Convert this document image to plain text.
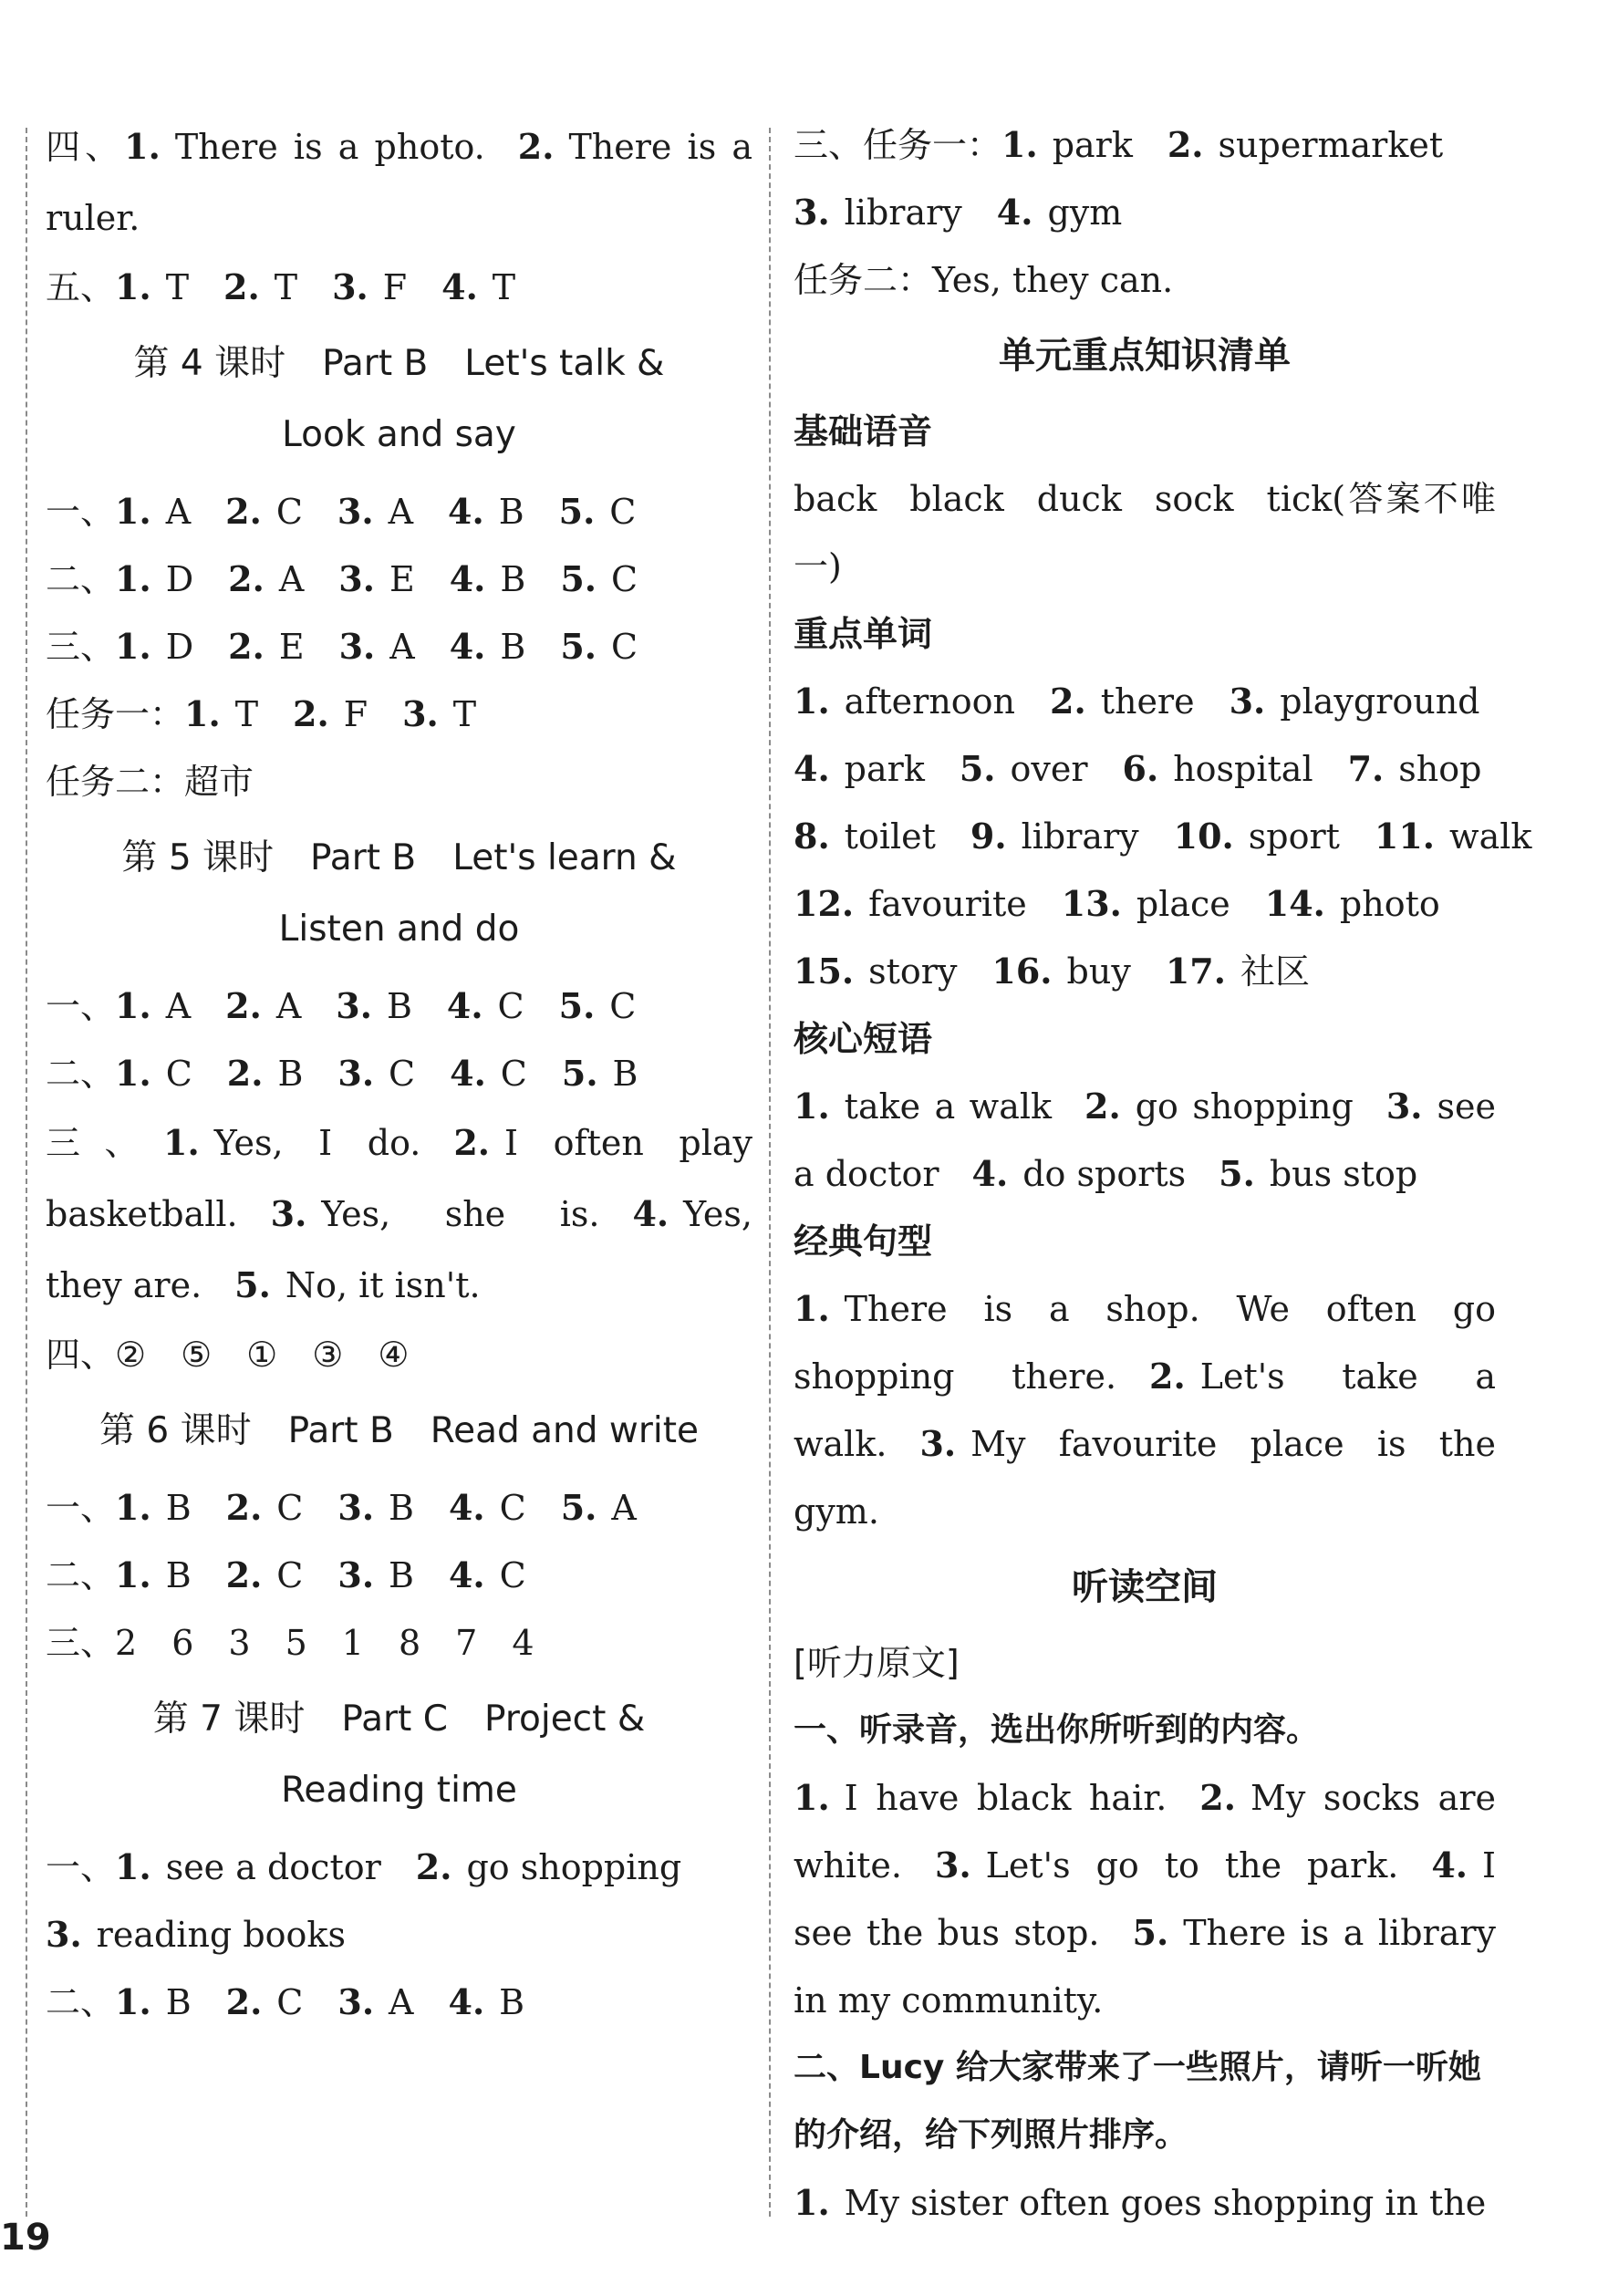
四、1. There is a photo. 2. There is a ruler.
五、1. T 2. T 3. F 4. T
第 4 课时 Part B Let's talk &
Look and say
一、1. A 2. C 3. A 4. B 5. C
二、1. D 2. A 3. E 4. B 5. C
三、1. D 2. E 3. A 4. B 5. C
任务一：1. T 2. F 3. T
任务二：超市
第 5 课时 Part B Let's learn &
Listen and do
一、1. A 2. A 3. B 4. C 5. C
二、1. C 2. B 3. C 4. C 5. B
三、1. Yes, I do. 2. I often play basketball. 3. Yes, she is. 4. Yes, they are. 5. No, it isn't.
四、② ⑤ ① ③ ④
第 6 课时 Part B Read and write
一、1. B 2. C 3. B 4. C 5. A
二、1. B 2. C 3. B 4. C
三、2 6 3 5 1 8 7 4
第 7 课时 Part C Project &
Reading time
一、1. see a doctor 2. go shopping
3. reading books
二、1. B 2. C 3. A 4. B
三、任务一：1. park 2. supermarket
3. library 4. gym
任务二：Yes, they can.
单元重点知识清单
基础语音
back black duck sock tick(答案不唯一)
重点单词
1. afternoon 2. there 3. playground
4. park 5. over 6. hospital 7. shop
8. toilet 9. library 10. sport 11. walk
12. favourite 13. place 14. photo
15. story 16. buy 17. 社区
核心短语
1. take a walk 2. go shopping 3. see a doctor 4. do sports 5. bus stop
经典句型
1. There is a shop. We often go shopping there. 2. Let's take a walk. 3. My favourite place is the gym.
听读空间
[听力原文]
一、听录音，选出你所听到的内容。
1. I have black hair. 2. My socks are white. 3. Let's go to the park. 4. I see the bus stop. 5. There is a library in my community.
二、Lucy 给大家带来了一些照片，请听一听她的介绍，给下列照片排序。
1. My sister often goes shopping in the
19
